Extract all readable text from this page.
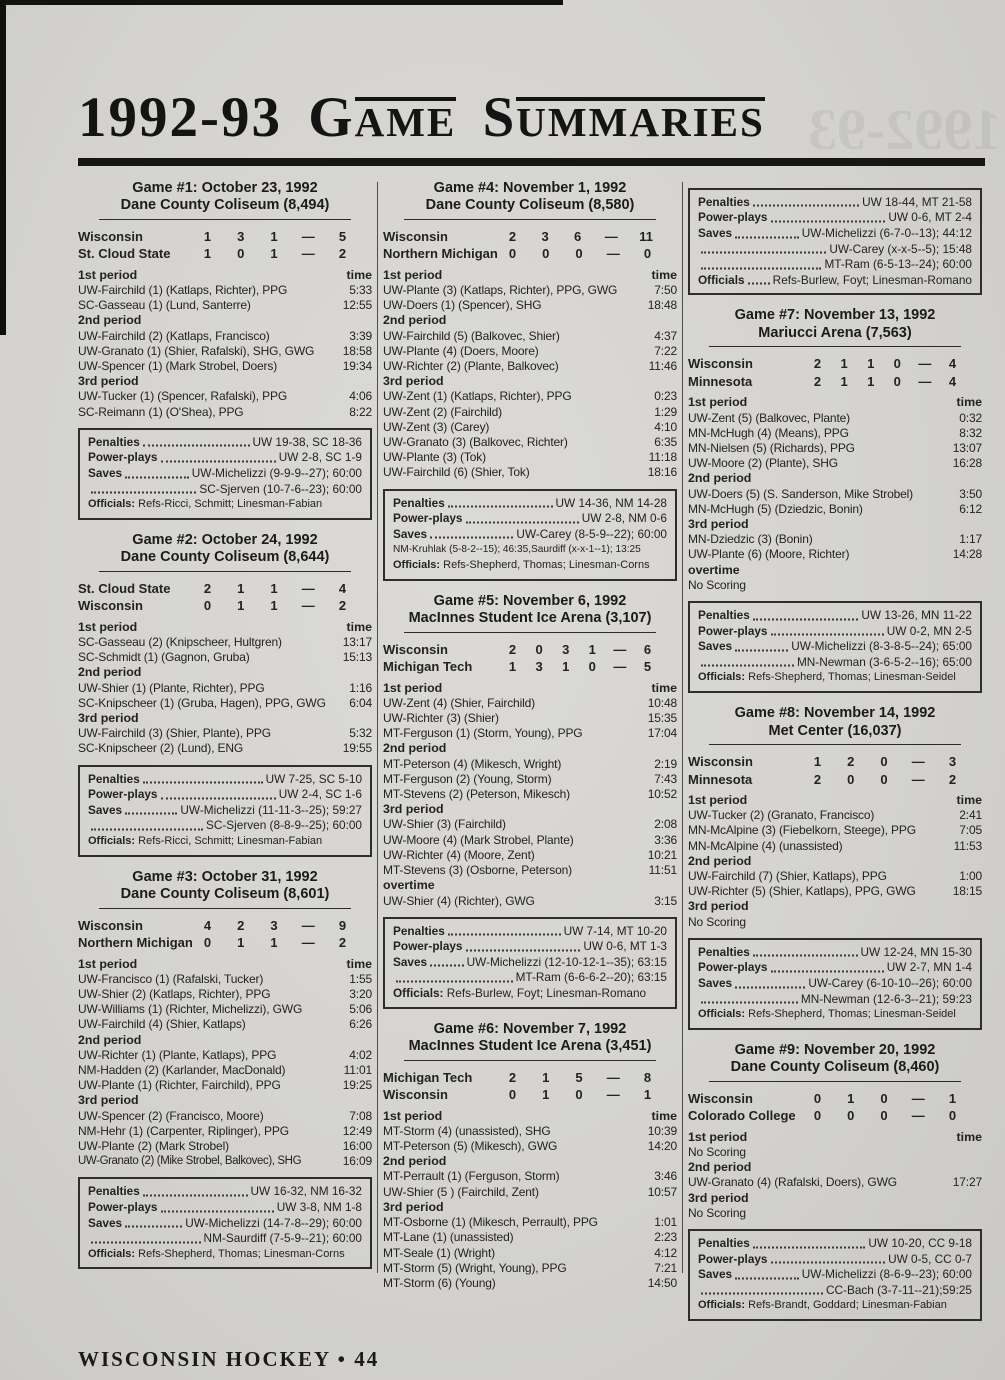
1992-93
1992-93 GAME SUMMARIES
Game #1: October 23, 1992
Dane County Coliseum (8,494)
Wisconsin	1 3 1 — 5
St. Cloud State	1 0 1 — 2
1st period	time
UW-Fairchild (1) (Katlaps, Richter), PPG	5:33
SC-Gasseau (1) (Lund, Santerre)	12:55
2nd period
UW-Fairchild (2) (Katlaps, Francisco)	3:39
UW-Granato (1) (Shier, Rafalski), SHG, GWG 18:58
UW-Spencer (1) (Mark Strobel, Doers)	19:34
3rd period
UW-Tucker (1) (Spencer, Rafalski), PPG	4:06
SC-Reimann (1) (O'Shea), PPG	8:22
Penalties	UW 19-38, SC 18-36
Power-plays	UW 2-8, SC 1-9
Saves	UW-Michelizzi (9-9-9--27); 60:00
SC-Sjerven (10-7-6--23); 60:00
Officials: Refs-Ricci, Schmitt; Linesman-Fabian
Game #2: October 24, 1992
Dane County Coliseum (8,644)
St. Cloud State	2 1 1 — 4
Wisconsin	0 1 1 — 2
1st period	time
SC-Gasseau (2) (Knipscheer, Hultgren)	13:17
SC-Schmidt (1) (Gagnon, Gruba)	15:13
2nd period
UW-Shier (1) (Plante, Richter), PPG	1:16
SC-Knipscheer (1) (Gruba, Hagen), PPG, GWG 6:04
3rd period
UW-Fairchild (3) (Shier, Plante), PPG	5:32
SC-Knipscheer (2) (Lund), ENG	19:55
Penalties	UW 7-25, SC 5-10
Power-plays	UW 2-4, SC 1-6
Saves	UW-Michelizzi (11-11-3--25); 59:27
SC-Sjerven (8-8-9--25); 60:00
Officials: Refs-Ricci, Schmitt; Linesman-Fabian
Game #3: October 31, 1992
Dane County Coliseum (8,601)
Wisconsin	4 2 3 — 9
Northern Michigan 0 1 1 — 2
1st period	time
UW-Francisco (1) (Rafalski, Tucker)	1:55
UW-Shier (2) (Katlaps, Richter), PPG	3:20
UW-Williams (1) (Richter, Michelizzi), GWG	5:06
UW-Fairchild (4) (Shier, Katlaps)	6:26
2nd period
UW-Richter (1) (Plante, Katlaps), PPG	4:02
NM-Hadden (2) (Karlander, MacDonald)	11:01
UW-Plante (1) (Richter, Fairchild), PPG	19:25
3rd period
UW-Spencer (2) (Francisco, Moore)	7:08
NM-Hehr (1) (Carpenter, Riplinger), PPG	12:49
UW-Plante (2) (Mark Strobel)	16:00
UW-Granato (2) (Mike Strobel, Balkovec), SHG	16:09
Penalties	UW 16-32, NM 16-32
Power-plays	UW 3-8, NM 1-8
Saves	UW-Michelizzi (14-7-8--29); 60:00
NM-Saurdiff (7-5-9--21); 60:00
Officials: Refs-Shepherd, Thomas; Linesman-Corns
Game #4: November 1, 1992
Dane County Coliseum (8,580)
Wisconsin	2 3 6 — 11
Northern Michigan 0 0 0 — 0
1st period	time
UW-Plante (3) (Katlaps, Richter), PPG, GWG	7:50
UW-Doers (1) (Spencer), SHG	18:48
2nd period
UW-Fairchild (5) (Balkovec, Shier)	4:37
UW-Plante (4) (Doers, Moore)	7:22
UW-Richter (2) (Plante, Balkovec)	11:46
3rd period
UW-Zent (1) (Katlaps, Richter), PPG	0:23
UW-Zent (2) (Fairchild)	1:29
UW-Zent (3) (Carey)	4:10
UW-Granato (3) (Balkovec, Richter)	6:35
UW-Plante (3) (Tok)	11:18
UW-Fairchild (6) (Shier, Tok)	18:16
Penalties	UW 14-36, NM 14-28
Power-plays	UW 2-8, NM 0-6
Saves	UW-Carey (8-5-9--22); 60:00
NM-Kruhlak (5-8-2--15); 46:35,Saurdiff (x-x-1--1); 13:25
Officials: Refs-Shepherd, Thomas; Linesman-Corns
Game #5: November 6, 1992
MacInnes Student Ice Arena (3,107)
Wisconsin	2 0 3 1 — 6
Michigan Tech	1 3 1 0 — 5
1st period	time
UW-Zent (4) (Shier, Fairchild)	10:48
UW-Richter (3) (Shier)	15:35
MT-Ferguson (1) (Storm, Young), PPG	17:04
2nd period
MT-Peterson (4) (Mikesch, Wright)	2:19
MT-Ferguson (2) (Young, Storm)	7:43
MT-Stevens (2) (Peterson, Mikesch)	10:52
3rd period
UW-Shier (3) (Fairchild)	2:08
UW-Moore (4) (Mark Strobel, Plante)	3:36
UW-Richter (4) (Moore, Zent)	10:21
MT-Stevens (3) (Osborne, Peterson)	11:51
overtime
UW-Shier (4) (Richter), GWG	3:15
Penalties	UW 7-14, MT 10-20
Power-plays	UW 0-6, MT 1-3
Saves	UW-Michelizzi (12-10-12-1--35); 63:15
MT-Ram (6-6-6-2--20); 63:15
Officials: Refs-Burlew, Foyt; Linesman-Romano
Game #6: November 7, 1992
MacInnes Student Ice Arena (3,451)
Michigan Tech	2 1 5 — 8
Wisconsin	0 1 0 — 1
1st period	time
MT-Storm (4) (unassisted), SHG	10:39
MT-Peterson (5) (Mikesch), GWG	14:20
2nd period
MT-Perrault (1) (Ferguson, Storm)	3:46
UW-Shier (5 ) (Fairchild, Zent)	10:57
3rd period
MT-Osborne (1) (Mikesch, Perrault), PPG	1:01
MT-Lane (1) (unassisted)	2:23
MT-Seale (1) (Wright)	4:12
MT-Storm (5) (Wright, Young), PPG	7:21
MT-Storm (6) (Young)	14:50
Penalties	UW 18-44, MT 21-58
Power-plays	UW 0-6, MT 2-4
Saves	UW-Michelizzi (6-7-0--13); 44:12
UW-Carey (x-x-5--5); 15:48
MT-Ram (6-5-13--24); 60:00
Officials Refs-Burlew, Foyt; Linesman-Romano
Game #7: November 13, 1992
Mariucci Arena (7,563)
Wisconsin	2 1 1 0 — 4
Minnesota	2 1 1 0 — 4
1st period	time
UW-Zent (5) (Balkovec, Plante)	0:32
MN-McHugh (4) (Means), PPG	8:32
MN-Nielsen (5) (Richards), PPG	13:07
UW-Moore (2) (Plante), SHG	16:28
2nd period
UW-Doers (5) (S. Sanderson, Mike Strobel)	3:50
MN-McHugh (5) (Dziedzic, Bonin)	6:12
3rd period
MN-Dziedzic (3) (Bonin)	1:17
UW-Plante (6) (Moore, Richter)	14:28
overtime
No Scoring
Penalties	UW 13-26, MN 11-22
Power-plays	UW 0-2, MN 2-5
Saves	UW-Michelizzi (8-3-8-5--24); 65:00
MN-Newman (3-6-5-2--16); 65:00
Officials: Refs-Shepherd, Thomas; Linesman-Seidel
Game #8: November 14, 1992
Met Center (16,037)
Wisconsin	1 2 0 — 3
Minnesota	2 0 0 — 2
1st period	time
UW-Tucker (2) (Granato, Francisco)	2:41
MN-McAlpine (3) (Fiebelkorn, Steege), PPG	7:05
MN-McAlpine (4) (unassisted)	11:53
2nd period
UW-Fairchild (7) (Shier, Katlaps), PPG	1:00
UW-Richter (5) (Shier, Katlaps), PPG, GWG	18:15
3rd period
No Scoring
Penalties	UW 12-24, MN 15-30
Power-plays	UW 2-7, MN 1-4
Saves	UW-Carey (6-10-10--26); 60:00
MN-Newman (12-6-3--21); 59:23
Officials: Refs-Shepherd, Thomas; Linesman-Seidel
Game #9: November 20, 1992
Dane County Coliseum (8,460)
Wisconsin	0 1 0 — 1
Colorado College	0 0 0 — 0
1st period	time
No Scoring
2nd period
UW-Granato (4) (Rafalski, Doers), GWG	17:27
3rd period
No Scoring
Penalties	UW 10-20, CC 9-18
Power-plays	UW 0-5, CC 0-7
Saves	UW-Michelizzi (8-6-9--23); 60:00
CC-Bach (3-7-11--21);59:25
Officials: Refs-Brandt, Goddard; Linesman-Fabian
WISCONSIN HOCKEY • 44
